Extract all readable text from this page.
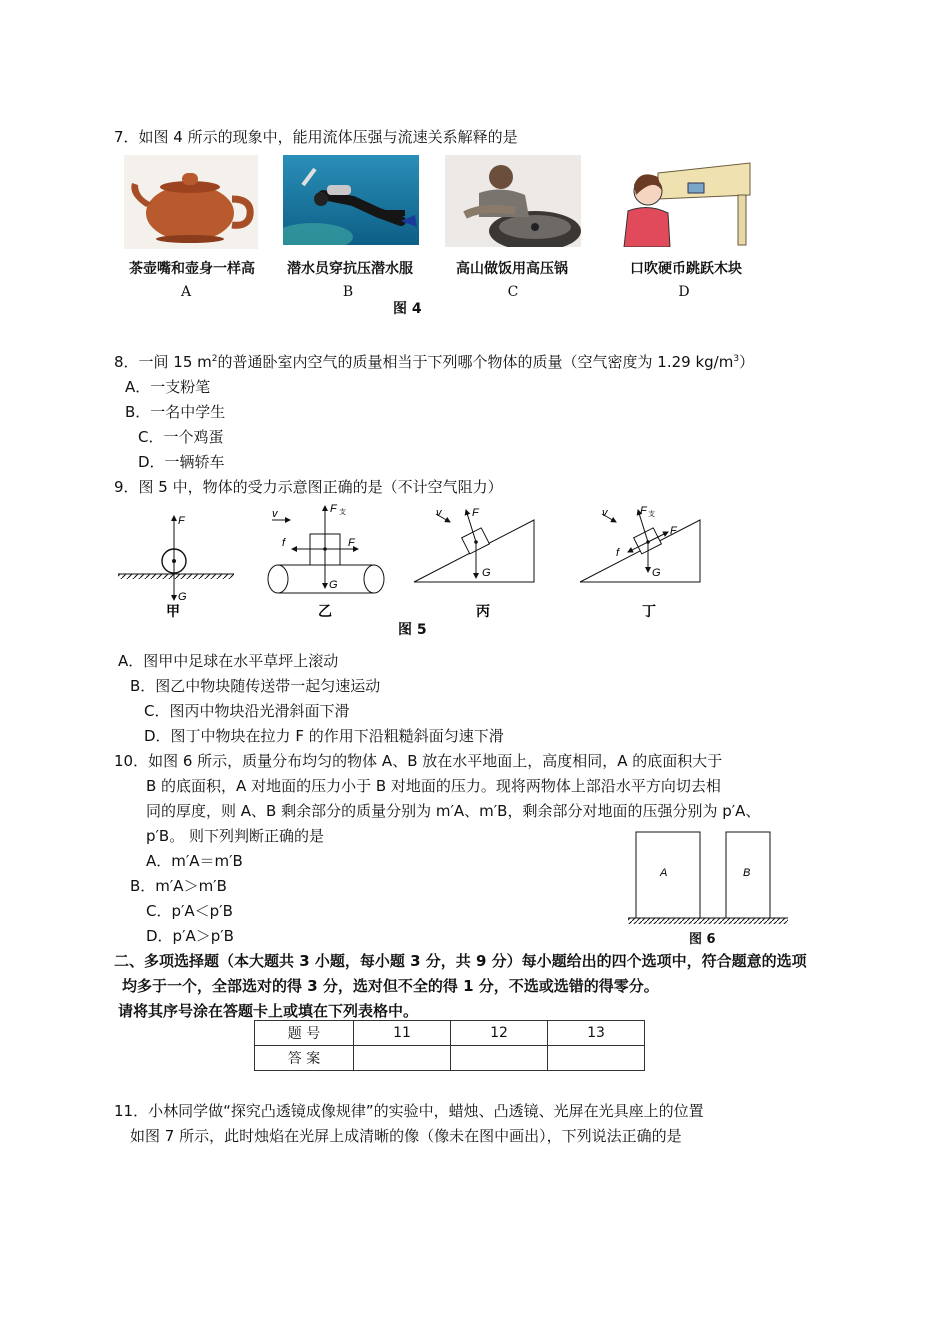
7．如图 4 所示的现象中，能用流体压强与流速关系解释的是
茶壶嘴和壶身一样高
A
潜水员穿抗压潜水服
B
高山做饭用高压锅
C
口吹硬币跳跃木块
D
图 4
8．一间 15 $m^2$的普通卧室内空气的质量相当于下列哪个物体的质量（空气密度为 1.29 $kg/m^3$）
A．一支粉笔
B．一名中学生
C．一个鸡蛋
D．一辆轿车
9．图 5 中，物体的受力示意图正确的是（不计空气阻力）
F
G
v	F 支
f	F
G
v	F
G
v	F 支
F
f
G
甲	乙	丙	丁
图 5
A．图甲中足球在水平草坪上滚动
B．图乙中物块随传送带一起匀速运动
C．图丙中物块沿光滑斜面下滑
D．图丁中物块在拉力 F 的作用下沿粗糙斜面匀速下滑
10．如图 6 所示，质量分布均匀的物体 A、B 放在水平地面上，高度相同，A 的底面积大于
B 的底面积，A 对地面的压力小于 B 对地面的压力。现将两物体上部沿水平方向切去相
同的厚度，则 A、B 剩余部分的质量分别为 m′A、m′B，剩余部分对地面的压强分别为 p′A、
p′B。 则下列判断正确的是
A．m′A＝m′B
B．m′A＞m′B
C．p′A＜p′B
D．p′A＞p′B
A	B
图 6
二、多项选择题（本大题共 3 小题，每小题 3 分，共 9 分）每小题给出的四个选项中，符合题意的选项
均多于一个，全部选对的得 3 分，选对但不全的得 1 分，不选或选错的得零分。
请将其序号涂在答题卡上或填在下列表格中。
题 号	11	12	13
答 案			
11．小林同学做“探究凸透镜成像规律”的实验中，蜡烛、凸透镜、光屏在光具座上的位置
如图 7 所示，此时烛焰在光屏上成清晰的像（像未在图中画出），下列说法正确的是
